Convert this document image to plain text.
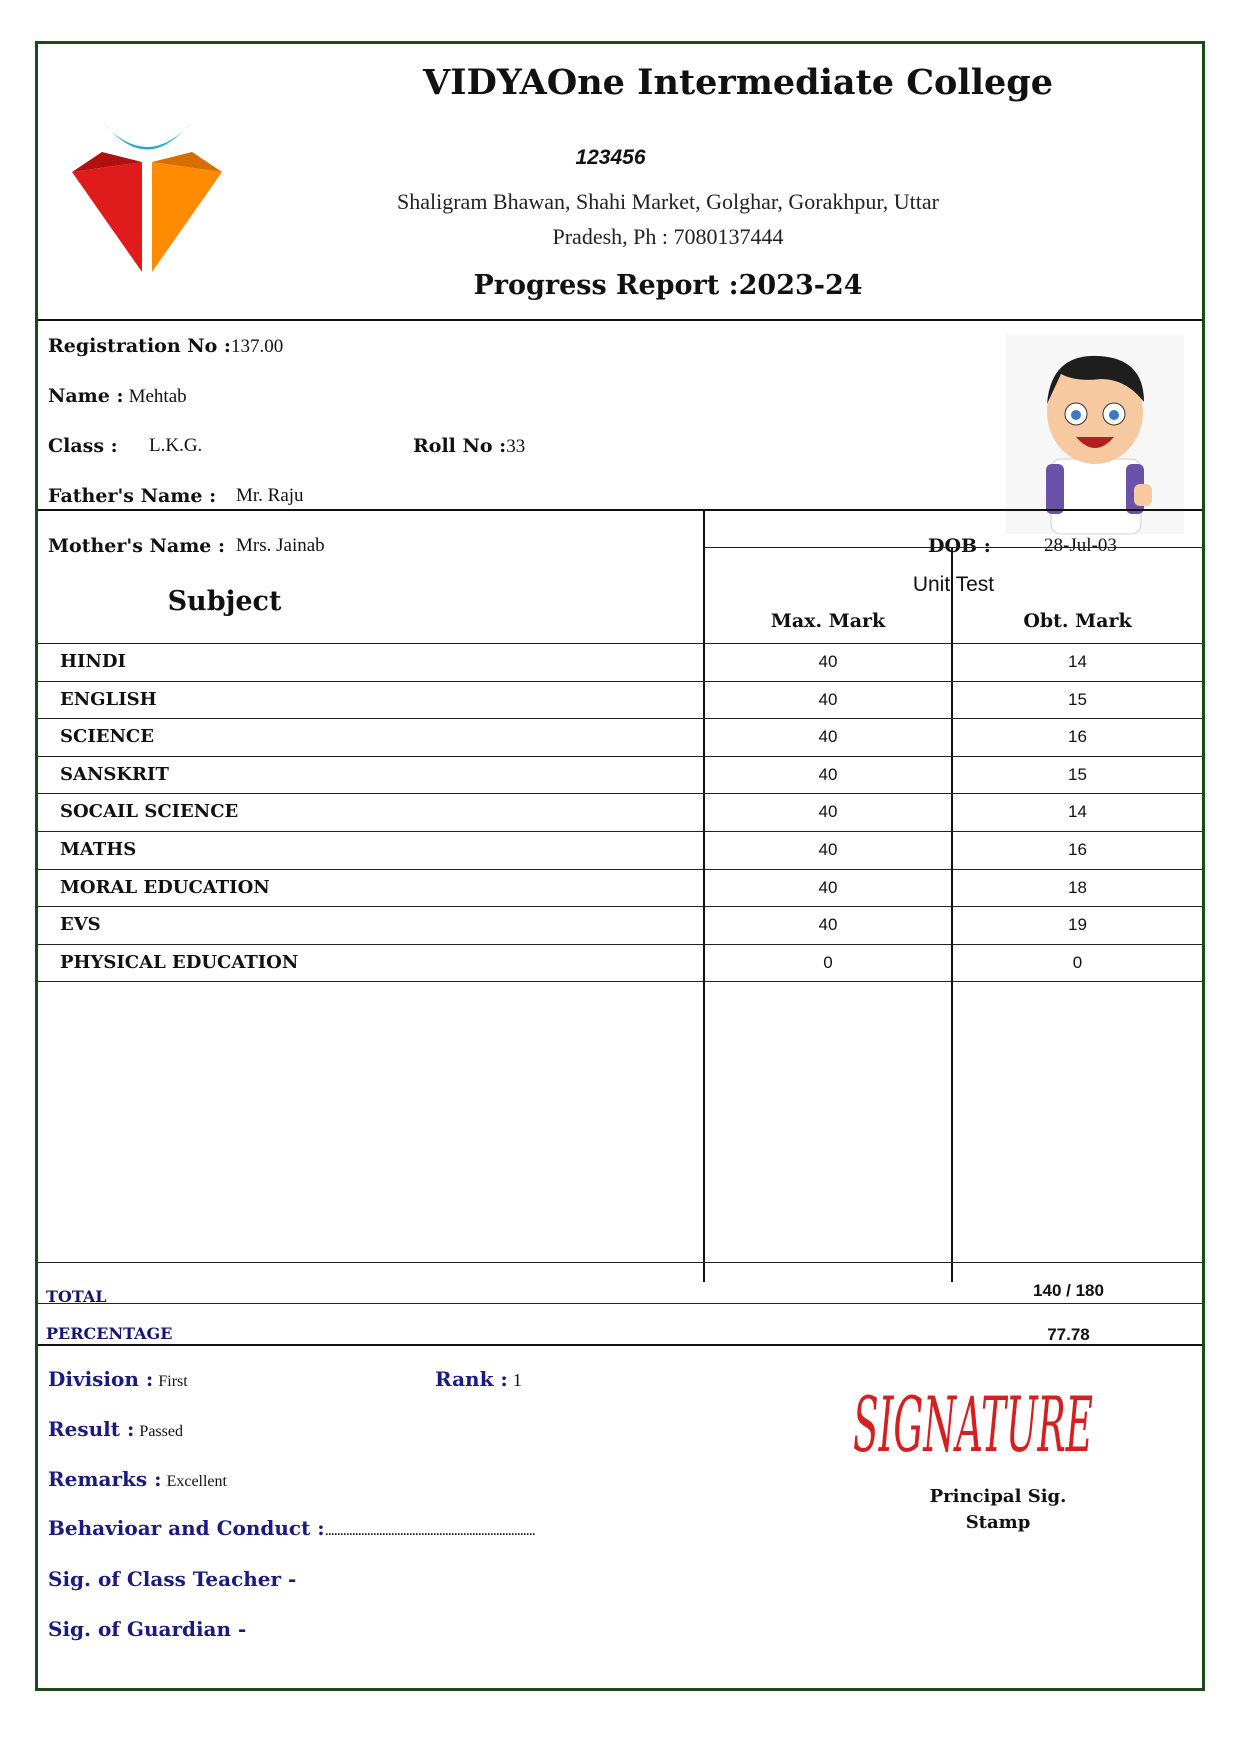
VIDYAOne Intermediate College
123456
Shaligram Bhawan, Shahi Market, Golghar, Gorakhpur, Uttar
Pradesh, Ph : 7080137444
Progress Report :2023-24
Registration No :137.00
Name : Mehtab
Class : L.K.G.	Roll No :33
Father's Name : Mr. Raju
Mother's Name : Mrs. Jainab	DOB :	28-Jul-03
Subject
Unit Test
Max. Mark	Obt. Mark
HINDI	40	14
ENGLISH	40	15
SCIENCE	40	16
SANSKRIT	40	15
SOCAIL SCIENCE	40	14
MATHS	40	16
MORAL EDUCATION	40	18
EVS	40	19
PHYSICAL EDUCATION	0	0
TOTAL	140 / 180
PERCENTAGE	77.78
Division : First	Rank : 1
Result : Passed
Remarks : Excellent
Behavioar and Conduct :......................................................................
Sig. of Class Teacher -
Sig. of Guardian -
SIGNATURE
Principal Sig.
Stamp
